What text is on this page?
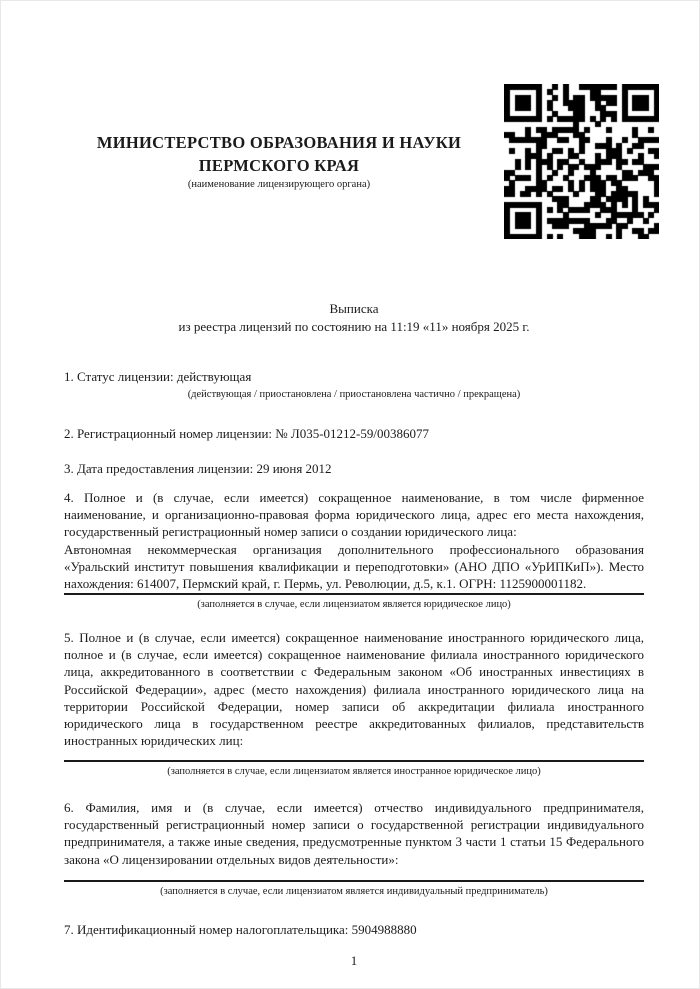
МИНИСТЕРСТВО ОБРАЗОВАНИЯ И НАУКИ
ПЕРМСКОГО КРАЯ
(наименование лицензирующего органа)
Выписка
из реестра лицензий по состоянию на 11:19 «11» ноября 2025 г.

1. Статус лицензии: действующая

(действующая / приостановлена / приостановлена частично / прекращена)

2. Регистрационный номер лицензии: № Л035-01212-59/00386077

3. Дата предоставления лицензии: 29 июня 2012

4. Полное и (в случае, если имеется) сокращенное наименование, в том числе фирменное наименование, и организационно-правовая форма юридического лица, адрес его места нахождения, государственный регистрационный номер записи о создании юридического лица:
Автономная некоммерческая организация дополнительного профессионального образования «Уральский институт повышения квалификации и переподготовки» (АНО ДПО «УрИПКиП»). Место нахождения: 614007, Пермский край, г. Пермь, ул. Революции, д.5, к.1. ОГРН: 1125900001182.
(заполняется в случае, если лицензиатом является юридическое лицо)
5. Полное и (в случае, если имеется) сокращенное наименование иностранного юридического лица, полное и (в случае, если имеется) сокращенное наименование филиала иностранного юридического лица, аккредитованного в соответствии с Федеральным законом «Об иностранных инвестициях в Российской Федерации», адрес (место нахождения) филиала иностранного юридического лица на территории Российской Федерации, номер записи об аккредитации филиала иностранного юридического лица в государственном реестре аккредитованных филиалов, представительств иностранных юридических лиц:
(заполняется в случае, если лицензиатом является иностранное юридическое лицо)
6. Фамилия, имя и (в случае, если имеется) отчество индивидуального предпринимателя, государственный регистрационный номер записи о государственной регистрации индивидуального предпринимателя, а также иные сведения, предусмотренные пунктом 3 части 1 статьи 15 Федерального закона «О лицензировании отдельных видов деятельности»:
(заполняется в случае, если лицензиатом является индивидуальный предприниматель)

7. Идентификационный номер налогоплательщика: 5904988880

1
